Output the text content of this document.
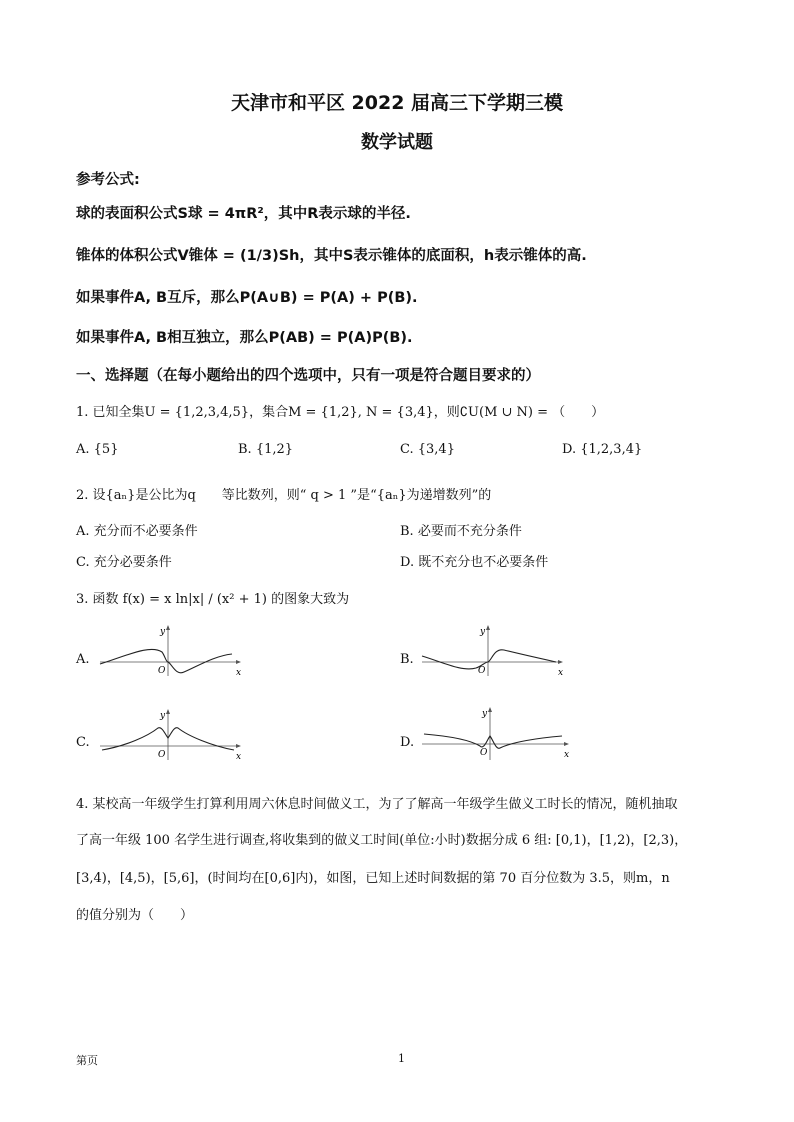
天津市和平区 2022 届高三下学期三模
数学试题
参考公式:
球的表面积公式S球 = 4πR²，其中R表示球的半径.
锥体的体积公式V锥体 = (1/3)Sh，其中S表示锥体的底面积，h表示锥体的高.
如果事件A, B互斥，那么P(A∪B) = P(A) + P(B).
如果事件A, B相互独立，那么P(AB) = P(A)P(B).
一、选择题（在每小题给出的四个选项中，只有一项是符合题目要求的）
1. 已知全集U = {1,2,3,4,5}，集合M = {1,2}, N = {3,4}，则∁U(M ∪ N) = （　　）
A. {5}	B. {1,2}	C. {3,4}	D. {1,2,3,4}
2. 设{aₙ}是公比为q　　等比数列，则“ q > 1 ”是“{aₙ}为递增数列”的
A. 充分而不必要条件	B. 必要而不充分条件
C. 充分必要条件	D. 既不充分也不必要条件
3. 函数 f(x) = x ln|x| / (x² + 1) 的图象大致为
A.
x
y
O
B.
x
y
O
C.
x
y
O
D.
x
y
O
4. 某校高一年级学生打算利用周六休息时间做义工，为了了解高一年级学生做义工时长的情况，随机抽取
了高一年级 100 名学生进行调查,将收集到的做义工时间(单位:小时)数据分成 6 组: [0,1)，[1,2)，[2,3)，
[3,4)，[4,5)，[5,6]，(时间均在[0,6]内)，如图，已知上述时间数据的第 70 百分位数为 3.5，则m，n
的值分别为（　　）
第页	1
